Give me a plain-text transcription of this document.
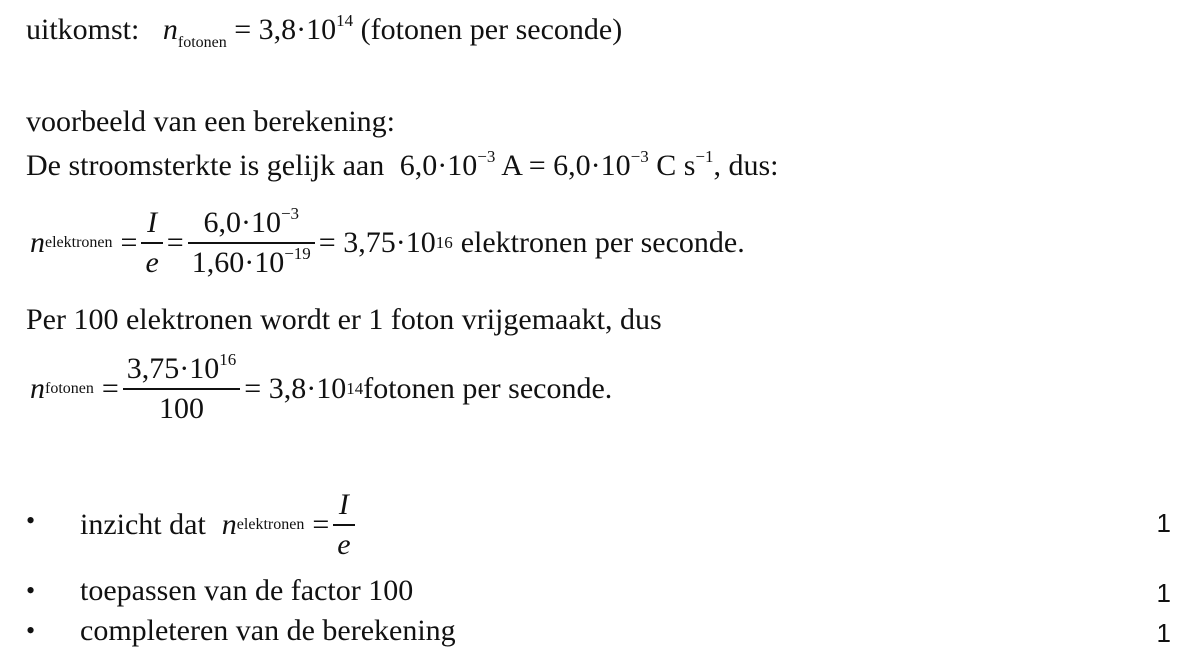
uitkomst: $n_{fotonen} = 3,8\cdot 10^{14}$ (fotonen per seconde)
voorbeeld van een berekening:
De stroomsterkte is gelijk aan $6,0\cdot 10^{-3}$ $A = 6,0\cdot 10^{-3}$ C $s^{-1}$, dus:
n elektronen = $\frac{I}{e} = \frac{6,0\cdot 10^{-3}}{1,60\cdot 10^{-19}} = 3,75\cdot 10$ 16 elektronen per seconde.
Per 100 elektronen wordt er 1 foton vrijgemaakt, dus
n fotonen = $\frac{3,75\cdot 10^{16}}{100} = 3,8\cdot 10$ 14 fotonen per seconde.
•	inzicht dat n elektronen = $\frac{I}{e}$	1
•	toepassen van de factor 100	1
•	completeren van de berekening	1
